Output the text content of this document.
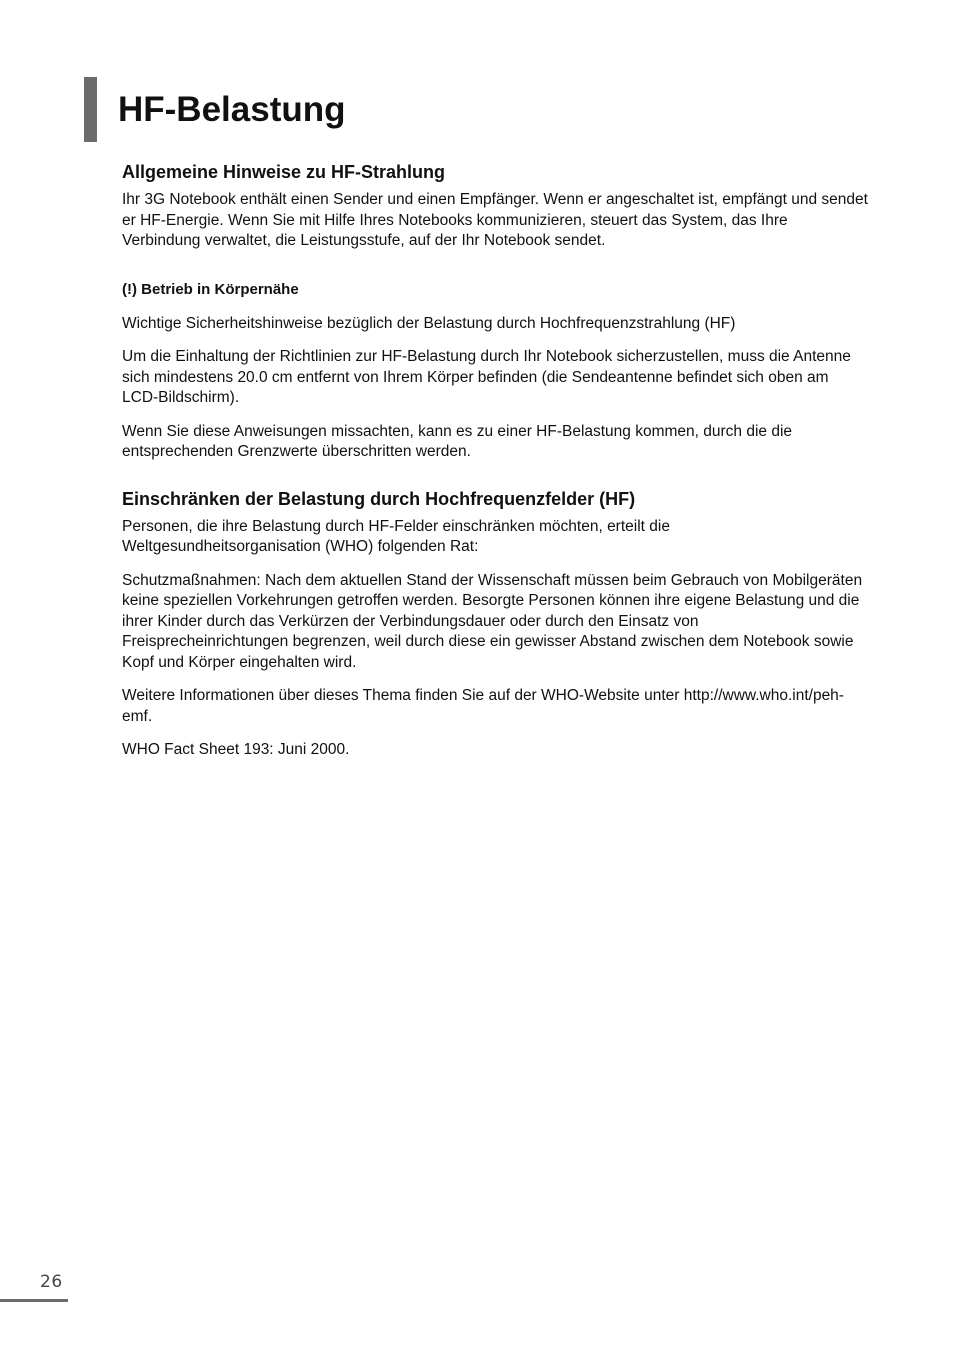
HF-Belastung
Allgemeine Hinweise zu HF-Strahlung

Ihr 3G Notebook enthält einen Sender und einen Empfänger. Wenn er angeschaltet ist, empfängt und sendet er HF-Energie. Wenn Sie mit Hilfe Ihres Notebooks kommunizieren, steuert das System, das Ihre Verbindung verwaltet, die Leistungsstufe, auf der Ihr Notebook sendet.

(!) Betrieb in Körpernähe

Wichtige Sicherheitshinweise bezüglich der Belastung durch Hochfrequenzstrahlung (HF)

Um die Einhaltung der Richtlinien zur HF-Belastung durch Ihr Notebook sicherzustellen, muss die Antenne sich mindestens 20.0 cm entfernt von Ihrem Körper befinden (die Sendeantenne befindet sich oben am LCD-Bildschirm).

Wenn Sie diese Anweisungen missachten, kann es zu einer HF-Belastung kommen, durch die die entsprechenden Grenzwerte überschritten werden.

Einschränken der Belastung durch Hochfrequenzfelder (HF)

Personen, die ihre Belastung durch HF-Felder einschränken möchten, erteilt die Weltgesundheitsorganisation (WHO) folgenden Rat:

Schutzmaßnahmen: Nach dem aktuellen Stand der Wissenschaft müssen beim Gebrauch von Mobilgeräten keine speziellen Vorkehrungen getroffen werden. Besorgte Personen können ihre eigene Belastung und die ihrer Kinder durch das Verkürzen der Verbindungsdauer oder durch den Einsatz von Freisprecheinrichtungen begrenzen, weil durch diese ein gewisser Abstand zwischen dem Notebook sowie Kopf und Körper eingehalten wird.

Weitere Informationen über dieses Thema finden Sie auf der WHO-Website unter http://www.who.int/peh-emf.

WHO Fact Sheet 193: Juni 2000.

26
